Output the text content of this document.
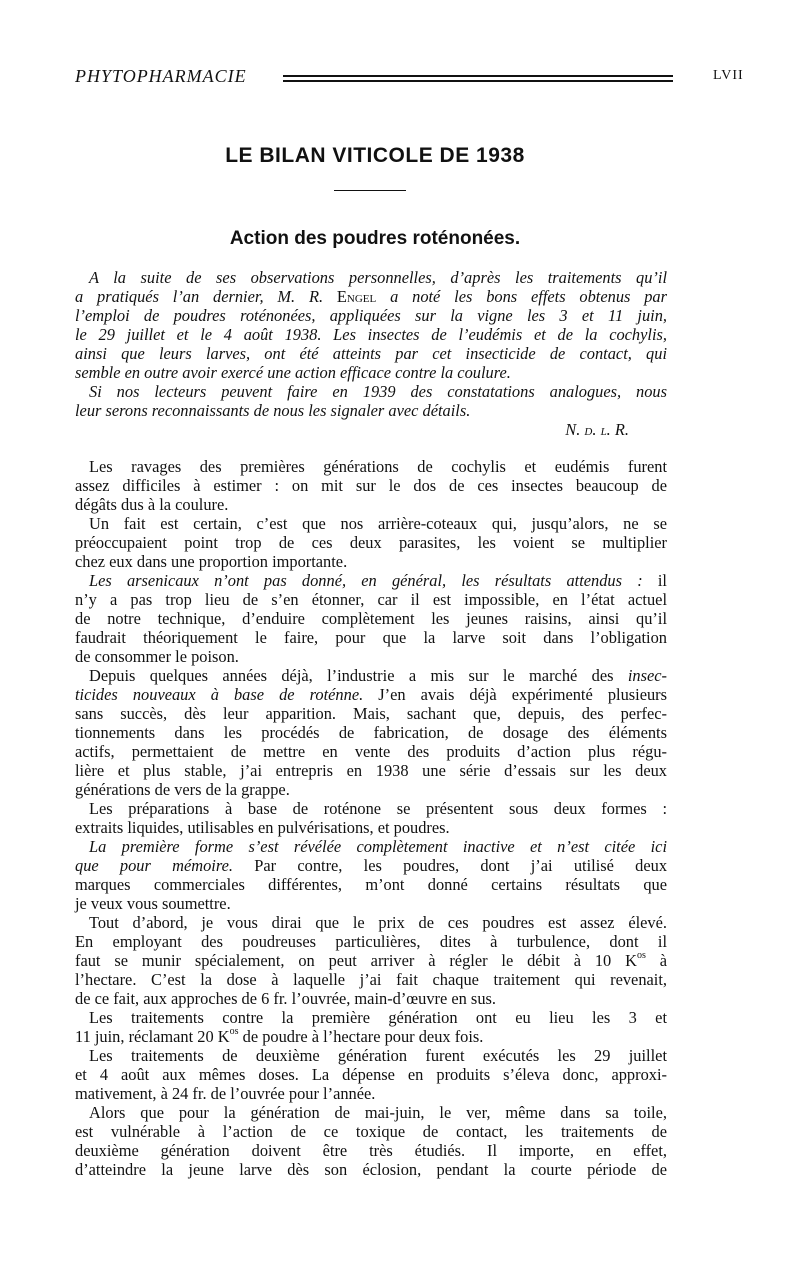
PHYTOPHARMACIE	LVII
LE BILAN VITICOLE DE 1938
Action des poudres roténonées.
A la suite de ses observations personnelles, d’après les traitements qu’il
a pratiqués l’an dernier, M. R. Engel a noté les bons effets obtenus par
l’emploi de poudres roténonées, appliquées sur la vigne les 3 et 11 juin,
le 29 juillet et le 4 août 1938. Les insectes de l’eudémis et de la cochylis,
ainsi que leurs larves, ont été atteints par cet insecticide de contact, qui
semble en outre avoir exercé une action efficace contre la coulure.
Si nos lecteurs peuvent faire en 1939 des constatations analogues, nous
leur serons reconnaissants de nous les signaler avec détails.
N. d. l. R.
Les ravages des premières générations de cochylis et eudémis furent
assez difficiles à estimer : on mit sur le dos de ces insectes beaucoup de
dégâts dus à la coulure.
Un fait est certain, c’est que nos arrière-coteaux qui, jusqu’alors, ne se
préoccupaient point trop de ces deux parasites, les voient se multiplier
chez eux dans une proportion importante.
Les arsenicaux n’ont pas donné, en général, les résultats attendus : il
n’y a pas trop lieu de s’en étonner, car il est impossible, en l’état actuel
de notre technique, d’enduire complètement les jeunes raisins, ainsi qu’il
faudrait théoriquement le faire, pour que la larve soit dans l’obligation
de consommer le poison.
Depuis quelques années déjà, l’industrie a mis sur le marché des insec-
ticides nouveaux à base de roténne. J’en avais déjà expérimenté plusieurs
sans succès, dès leur apparition. Mais, sachant que, depuis, des perfec-
tionnements dans les procédés de fabrication, de dosage des éléments
actifs, permettaient de mettre en vente des produits d’action plus régu-
lière et plus stable, j’ai entrepris en 1938 une série d’essais sur les deux
générations de vers de la grappe.
Les préparations à base de roténone se présentent sous deux formes :
extraits liquides, utilisables en pulvérisations, et poudres.
La première forme s’est révélée complètement inactive et n’est citée ici
que pour mémoire. Par contre, les poudres, dont j’ai utilisé deux
marques commerciales différentes, m’ont donné certains résultats que
je veux vous soumettre.
Tout d’abord, je vous dirai que le prix de ces poudres est assez élevé.
En employant des poudreuses particulières, dites à turbulence, dont il
faut se munir spécialement, on peut arriver à régler le débit à 10 $K^{os}$ à
l’hectare. C’est la dose à laquelle j’ai fait chaque traitement qui revenait,
de ce fait, aux approches de 6 fr. l’ouvrée, main-d’œuvre en sus.
Les traitements contre la première génération ont eu lieu les 3 et
11 juin, réclamant 20 $K^{os}$ de poudre à l’hectare pour deux fois.
Les traitements de deuxième génération furent exécutés les 29 juillet
et 4 août aux mêmes doses. La dépense en produits s’éleva donc, approxi-
mativement, à 24 fr. de l’ouvrée pour l’année.
Alors que pour la génération de mai-juin, le ver, même dans sa toile,
est vulnérable à l’action de ce toxique de contact, les traitements de
deuxième génération doivent être très étudiés. Il importe, en effet,
d’atteindre la jeune larve dès son éclosion, pendant la courte période de
